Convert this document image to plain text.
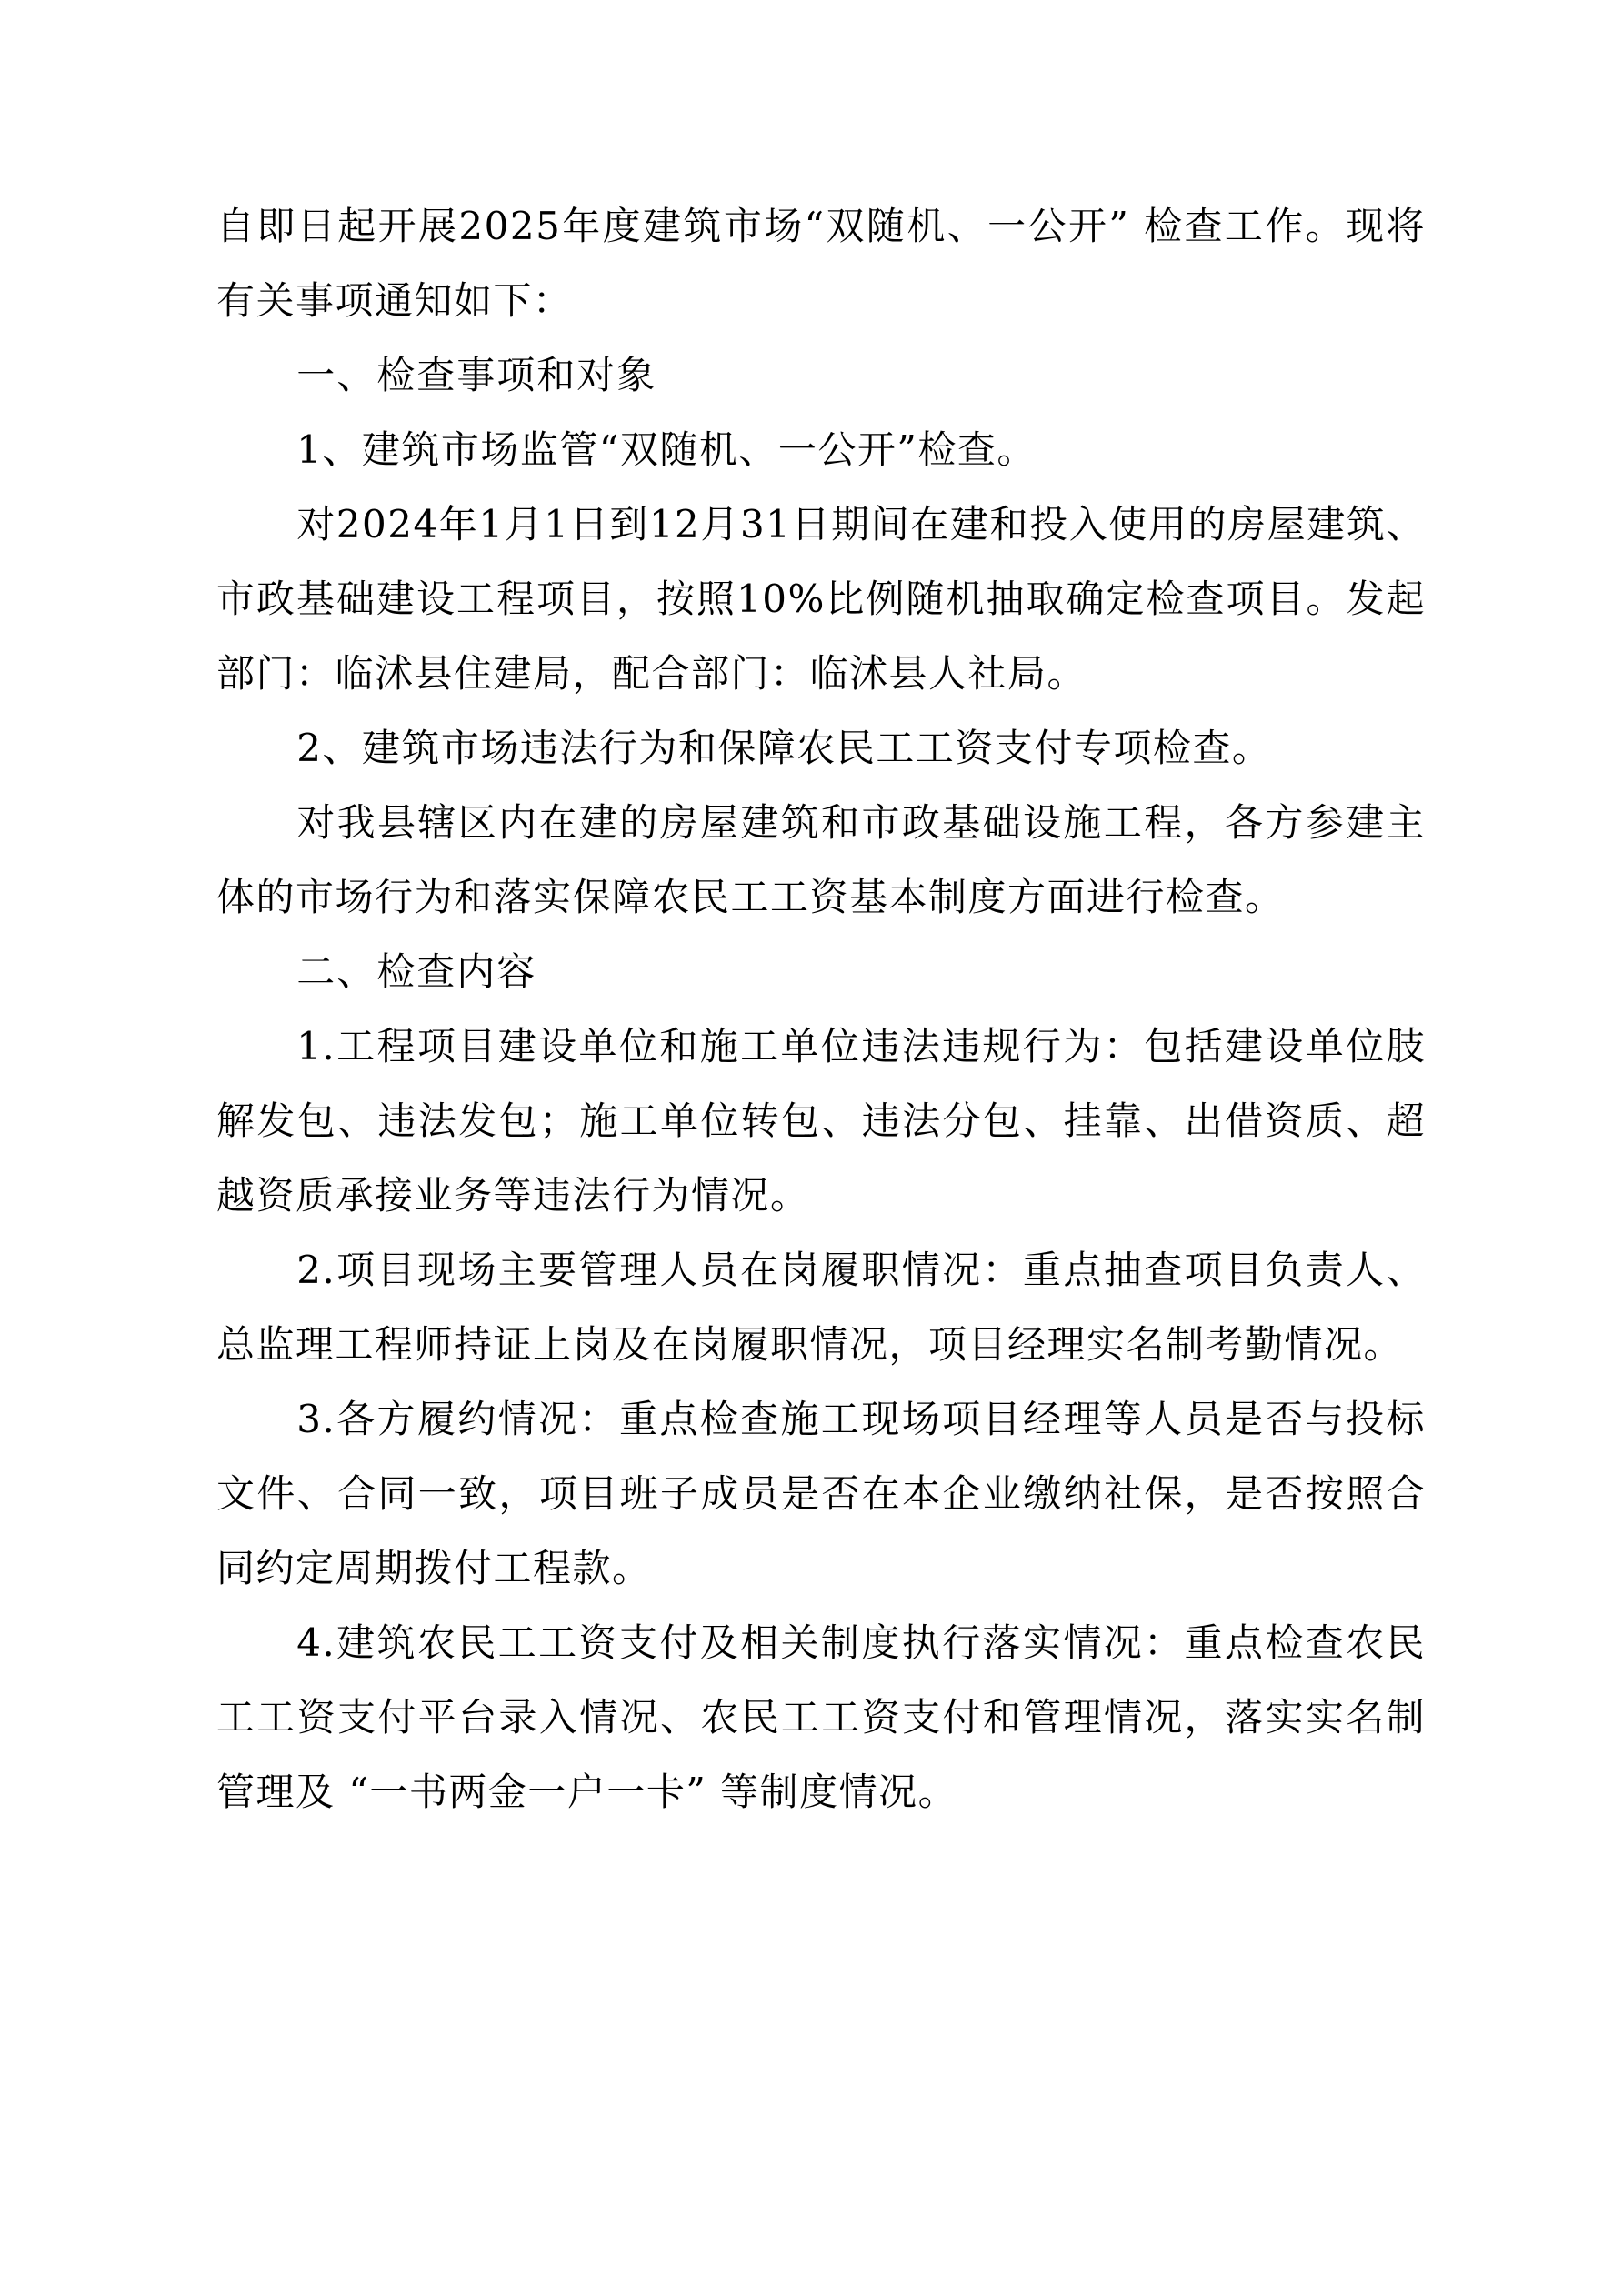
自即日起开展2025年度建筑市场“双随机、一公开” 检查工作。现将有关事项通知如下：

一、检查事项和对象

1、建筑市场监管“双随机、一公开”检查。

对2024年1月1日到12月31日期间在建和投入使用的房屋建筑、市政基础建设工程项目，按照10%比例随机抽取确定检查项目。发起部门：临沭县住建局，配合部门：临沭县人社局。

2、建筑市场违法行为和保障农民工工资支付专项检查。

对我县辖区内在建的房屋建筑和市政基础设施工程，各方参建主体的市场行为和落实保障农民工工资基本制度方面进行检查。

二、检查内容

1.工程项目建设单位和施工单位违法违规行为：包括建设单位肢解发包、违法发包；施工单位转包、违法分包、挂靠、出借资质、超越资质承接业务等违法行为情况。

2.项目现场主要管理人员在岗履职情况：重点抽查项目负责人、总监理工程师持证上岗及在岗履职情况，项目经理实名制考勤情况。

3.各方履约情况：重点检查施工现场项目经理等人员是否与投标文件、合同一致，项目班子成员是否在本企业缴纳社保，是否按照合同约定周期拨付工程款。

4.建筑农民工工资支付及相关制度执行落实情况：重点检查农民工工资支付平台录入情况、农民工工资支付和管理情况，落实实名制管理及 “一书两金一户一卡” 等制度情况。
